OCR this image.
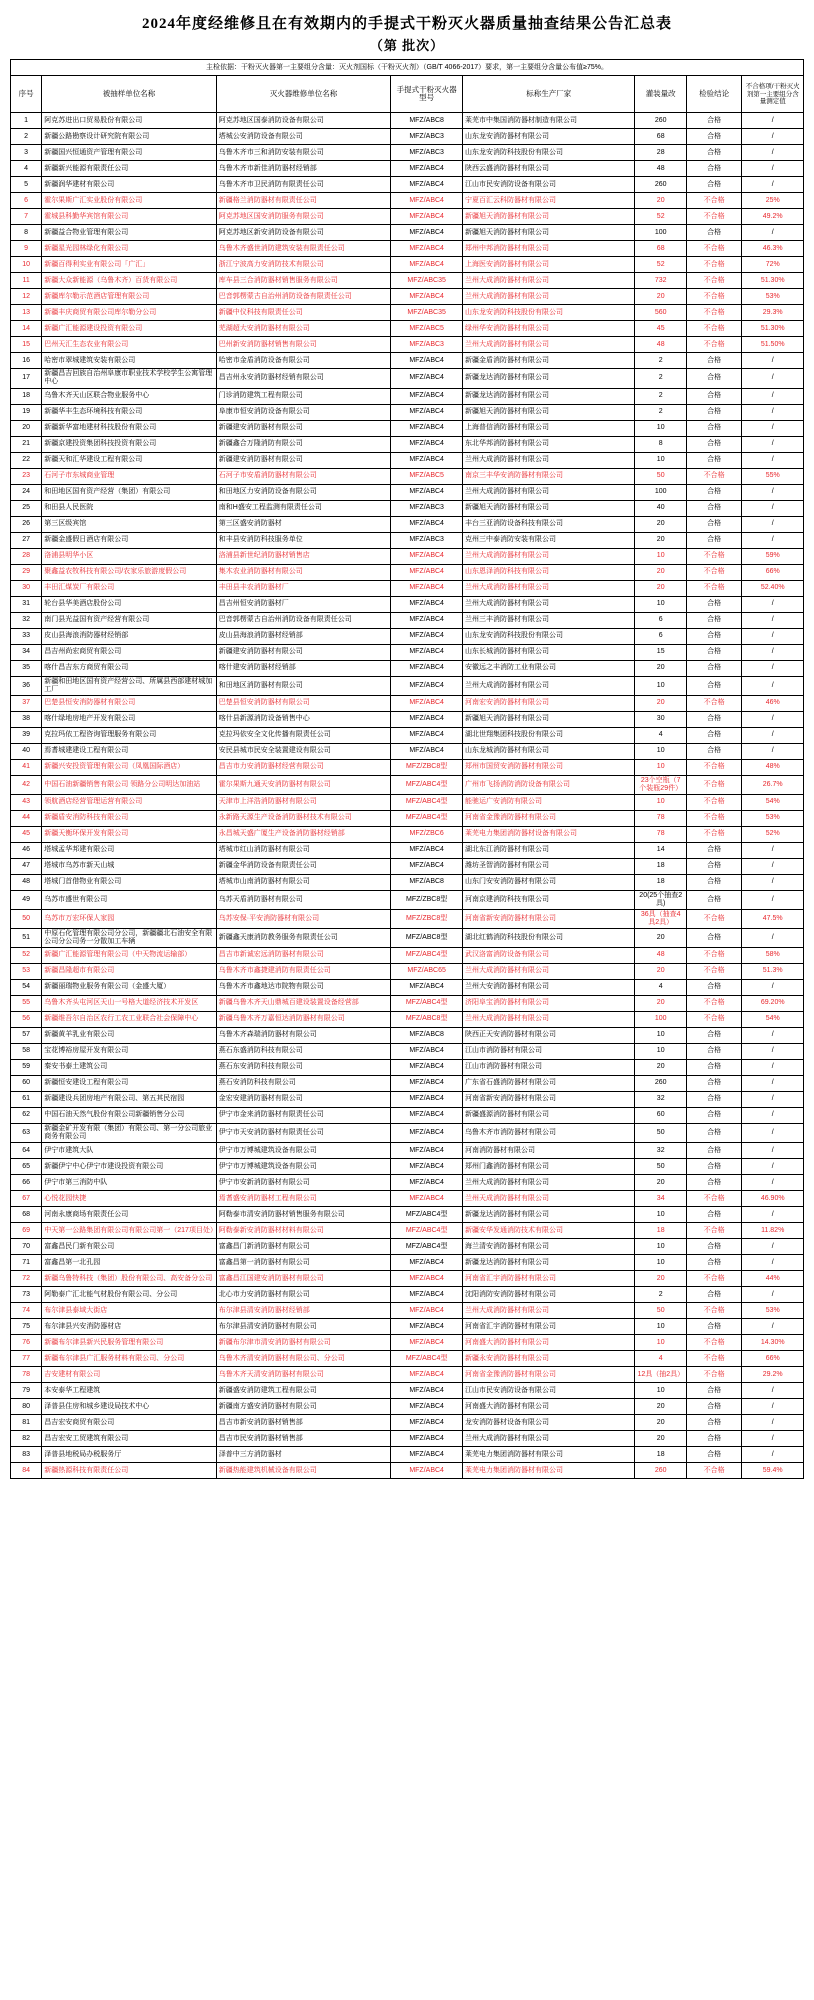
2024年度经维修且在有效期内的手提式干粉灭火器质量抽查结果公告汇总表
（第 批次）
主检依据：干粉灭火器第一主要组分含量：灭火剂国标（干粉灭火剂）（GB/T 4066-2017）要求，第一主要组分含量公布值≥75%。
序号	被抽样单位名称	灭火器维修单位名称	手提式干粉灭火器型号	标称生产厂家	灌装量改	检验结论	不合格项/干粉灭火剂第一主要组分含量测定值
1	阿克苏进出口贸易股份有限公司	阿克苏地区国泰消防设备有限公司	MFZ/ABC8	莱芜市中集国消防器材制造有限公司	260	合格	/
2	新疆公路勘察设计研究院有限公司	塔城公安消防设备有限公司	MFZ/ABC3	山东龙安消防器材有限公司	68	合格	/
3	新疆国兴恒通资产管理有限公司	乌鲁木齐市三和消防安装有限公司	MFZ/ABC3	山东龙安消防科技股份有限公司	28	合格	/
4	新疆新兴能源有限责任公司	乌鲁木齐市新佳消防器材经销部	MFZ/ABC4	陕西云盛消防器材有限公司	48	合格	/
5	新疆润华建材有限公司	乌鲁木齐市卫民消防有限责任公司	MFZ/ABC4	江山市民安消防设备有限公司	260	合格	/
6	霍尔果斯广汇实业股份有限公司	新疆格兰消防器材有限责任公司	MFZ/ABC4	宁夏百汇云科防器材有限公司	20	不合格	25%
7	霍城县科勤华宾馆有限公司	阿克苏地区国安消防服务有限公司	MFZ/ABC4	新疆旭天消防器材有限公司	52	不合格	49.2%
8	新疆益合物业管理有限公司	阿克苏地区新安消防设备有限公司	MFZ/ABC4	新疆旭天消防器材有限公司	100	合格	/
9	新疆星光园林绿化有限公司	乌鲁木齐盛世消防建筑安装有限责任公司	MFZ/ABC4	郑州中邦消防器材有限公司	68	不合格	46.3%
10	新疆百得利实业有限公司「广汇」	浙江宁波高力安消防技术有限公司	MFZ/ABC4	上海医安消防器材有限公司	52	不合格	72%
11	新疆大众新能源（乌鲁木齐）百货有限公司	库车县三合消防器材销售服务有限公司	MFZ/ABC35	兰州大成消防器材有限公司	732	不合格	51.30%
12	新疆库尔勒示范酒店管理有限公司	巴音郭楞蒙古自治州消防设备有限责任公司	MFZ/ABC4	兰州大成消防器材有限公司	20	不合格	53%
13	新疆丰庆商贸有限公司库尔勒分公司	新疆中仪科技有限责任公司	MFZ/ABC35	山东龙安消防科技股份有限公司	560	不合格	29.3%
14	新疆广汇能源建设投资有限公司	芜湖超大安消防器材有限公司	MFZ/ABC5	绿州华安消防器材有限公司	45	不合格	51.30%
15	巴州天汇生态农业有限公司	巴州新安消防器材销售有限公司	MFZ/ABC3	兰州大成消防器材有限公司	48	不合格	51.50%
16	哈密市翠城建筑安装有限公司	哈密市金盾消防设备有限公司	MFZ/ABC4	新疆金盾消防器材有限公司	2	合格	/
17	新疆昌吉回族自治州阜康市职业技术学校学生公寓管理中心	昌吉州永安消防器材经销有限公司	MFZ/ABC4	新疆龙达消防器材有限公司	2	合格	/
18	乌鲁木齐天山区联合物业服务中心	门诊消防建筑工程有限公司	MFZ/ABC4	新疆龙达消防器材有限公司	2	合格	/
19	新疆华丰生态环境科技有限公司	阜康市恒安消防设备有限公司	MFZ/ABC4	新疆旭天消防器材有限公司	2	合格	/
20	新疆新华富地建材科技股份有限公司	新疆建安消防器材有限公司	MFZ/ABC4	上海普信消防器材有限公司	10	合格	/
21	新疆京建投资集团科技投资有限公司	新疆鑫合万隆消防有限公司	MFZ/ABC4	东北华邦消防器材有限公司	8	合格	/
22	新疆天和汇华建设工程有限公司	新疆建安消防器材有限公司	MFZ/ABC4	兰州大成消防器材有限公司	10	合格	/
23	石河子市东城商业管理	石河子市安盾消防器材有限公司	MFZ/ABC5	南京三丰华安消防器材有限公司	50	不合格	55%
24	和田地区国有资产经营（集团）有限公司	和田地区力安消防设备有限公司	MFZ/ABC4	兰州大成消防器材有限公司	100	合格	/
25	和田县人民医院	南和H盛安工程监测有限责任公司	MFZ/ABC3	新疆旭天消防器材有限公司	40	合格	/
26	第三区级宾馆	第三区盛安消防器材	MFZ/ABC4	丰台三亚消防设备科技有限公司	20	合格	/
27	新疆金盛假日酒店有限公司	和丰县安消防科技服务单位	MFZ/ABC3	克州三中泰消防安装有限公司	20	合格	/
28	洛浦县明华小区	洛浦县新世纪消防器材销售店	MFZ/ABC4	兰州大成消防器材有限公司	10	不合格	59%
29	聚鑫益农牧科技有限公司/农家乐旅游度假公司	集木农业消防器材有限公司	MFZ/ABC4	山东恩泽消防科技有限公司	20	不合格	66%
30	丰田汇煤炭厂有限公司	丰田县丰农消防器材厂	MFZ/ABC4	兰州大成消防器材有限公司	20	不合格	52.40%
31	轮台县华美酒店股份公司	昌吉州恒安消防器材厂	MFZ/ABC4	兰州大成消防器材有限公司	10	合格	/
32	南门县光益国有资产经营有限公司	巴音郭楞蒙古自治州消防设备有限责任公司	MFZ/ABC4	兰州三丰消防器材有限公司	6	合格	/
33	皮山县海浪消防器材经销部	皮山县海浪消防器材经销部	MFZ/ABC4	山东龙安消防科技股份有限公司	6	合格	/
34	昌吉州尚宏商贸有限公司	新疆建安消防器材有限公司	MFZ/ABC4	山东长城消防器材有限公司	15	合格	/
35	喀什昌吉东方商贸有限公司	喀什建安消防器材经销部	MFZ/ABC4	安徽远之丰消防工业有限公司	20	合格	/
36	新疆和田地区国有资产经营公司、所属县西部建材城加工厂	和田地区消防器材有限公司	MFZ/ABC4	兰州大成消防器材有限公司	10	合格	/
37	巴楚县恒安消防器材有限公司	巴楚县恒安消防器材有限公司	MFZ/ABC4	河南宏安消防器材有限公司	20	不合格	46%
38	喀什绿地房地产开发有限公司	喀什县新源消防设备销售中心	MFZ/ABC4	新疆旭天消防器材有限公司	30	合格	/
39	克拉玛依工程咨询管理服务有限公司	克拉玛依安全文化传播有限责任公司	MFZ/ABC4	湖北世翔集团科技股份有限公司	4	合格	/
40	焉耆城建建设工程有限公司	安民县城市民安全装置建设有限公司	MFZ/ABC4	山东龙城消防器材有限公司	10	合格	/
41	新疆兴安投资管理有限公司（凤凰国际酒店）	昌吉市力安消防器材经营有限公司	MFZ/ZBC8型	郑州市国贸安消防器材有限公司	10	不合格	48%
42	中国石油新疆销售有限公司 领路分公司明达加油站	霍尔果斯九通天安消防器材有限公司	MFZ/ABC4型	广州市飞扬消防消防设备有限公司	23个空瓶（7个装瓶29件）	不合格	26.7%
43	领航酒店经营管理运营有限公司	天津市上洋浩消防器材有限公司	MFZ/ABC4型	能驰运广安消防有限公司	10	不合格	54%
44	新疆盾安消防科技有限公司	永新路天源生产设备消防器材技术有限公司	MFZ/ABC4型	河南省金豫消防器材有限公司	78	不合格	53%
45	新疆天衡环保开发有限公司	永昌城天盛广厦生产设备消防器材经销部	MFZ/ZBC6	莱芜电力集团消防器材设备有限公司	78	不合格	52%
46	塔城孟华邦建有限公司	塔城市红山消防器材有限公司	MFZ/ABC4	湖北东江消防器材有限公司	14	合格	/
47	塔城市乌苏市新天山城	新疆金华消防设备有限责任公司	MFZ/ABC4	潍坊圣智消防器材有限公司	18	合格	/
48	塔城门首借物业有限公司	塔城市山南消防器材有限公司	MFZ/ABC8	山东门安安消防器材有限公司	18	合格	/
49	乌苏市盛世有限公司	乌苏天盾消防器材有限公司	MFZ/ZBC8型	河南京建消防科技有限公司	20(25个抽查2具)	合格	/
50	乌苏市万宏环保人家园	乌苏安保·平安消防器材有限公司	MFZ/ZBC8型	河南省新安消防器材有限公司	36具（抽查4具2具）	不合格	47.5%
51	中原石化管理有限公司分公司，新疆疆北石油安全有限公司分公司务一分散加工车辆	新疆鑫天康消防教务服务有限责任公司	MFZ/ABC8型	湖北红鹤消防科技股份有限公司	20	合格	/
52	新疆广汇能源管理有限公司（中天物流运输部）	昌吉市新诚宏远消防器材有限公司	MFZ/ABC4型	武汉洛富消防设备有限公司	48	不合格	58%
53	新疆昌隆超市有限公司	乌鲁木齐市鑫捷建消防有限责任公司	MFZ/ABC65	兰州大成消防器材有限公司	20	不合格	51.3%
54	新疆丽瑞物业服务有限公司（金盛大厦）	乌鲁木齐市鑫地达市院物有限公司	MFZ/ABC4	兰州大安消防器材有限公司	4	合格	/
55	乌鲁木齐头屯河区天山一号格大道经济技术开发区	新疆乌鲁木齐天山鼎城百建设装置设备经营部	MFZ/ABC4型	济阳阜宝消防器材有限公司	20	不合格	69.20%
56	新疆维吾尔自治区农行工农工业联合社会保障中心	新疆乌鲁木齐万嘉恒达消防器材有限公司	MFZ/ABC8型	兰州大成消防器材有限公司	100	不合格	54%
57	新疆黄羊乳业有限公司	乌鲁木齐森瑞消防器材有限公司	MFZ/ABC8	陕西正天安消防器材有限公司	10	合格	/
58	宝花博裕房屋开发有限公司	燕石东盛消防科技有限公司	MFZ/ABC4	江山市消防器材有限公司	10	合格	/
59	秦安书泰土建筑公司	燕石东安消防科技有限公司	MFZ/ABC4	江山市消防器材有限公司	20	合格	/
60	新疆恒安建设工程有限公司	燕石安消防科技有限公司	MFZ/ABC4	广东省石盛消防器材有限公司	260	合格	/
61	新疆建设兵团房地产有限公司、第五其民宿园	金宏安建消防器材有限公司	MFZ/ABC4	河南省新安消防器材有限公司	32	合格	/
62	中国石油天然气股份有限公司新疆销售分公司	伊宁市金来消防器材有限责任公司	MFZ/ABC4	新疆盛源消防器材有限公司	60	合格	/
63	新疆金矿开发有限（集团）有限公司、第一分公司旅业商务有限公司	伊宁市天安消防器材有限责任公司	MFZ/ABC4	乌鲁木齐市消防器材有限公司	50	合格	/
64	伊宁市建筑大队	伊宁市万博城建筑设备有限公司	MFZ/ABC4	河南消防器材有限公司	32	合格	/
65	新疆伊宁中心伊宁市建设投资有限公司	伊宁市万博城建筑设备有限公司	MFZ/ABC4	郑州门鑫消防器材有限公司	50	合格	/
66	伊宁市第三消防中队	伊宁市安新消防器材有限公司	MFZ/ABC4	兰州大成消防器材有限公司	20	合格	/
67	心悦花园快捷	焉耆盛安消防器材工程有限公司	MFZ/ABC4	兰州天成消防器材有限公司	34	不合格	46.90%
68	河南永康商场有限责任公司	阿勒泰市清安消防器材销售服务有限公司	MFZ/ABC4型	新疆龙达消防器材有限公司	10	合格	/
69	中天第一公路集团有限公司有限公司第一（217项目处）	阿勒泰新安消防器材材料有限公司	MFZ/ABC4型	新疆安华发通消防技术有限公司	18	不合格	11.82%
70	富鑫昌民门新有限公司	富鑫昌门新消防器材有限公司	MFZ/ABC4型	海兰清安消防器材有限公司	10	合格	/
71	富鑫昌第一北孔园	富鑫昌第一消防器材有限公司	MFZ/ABC4	新疆龙达消防器材有限公司	10	合格	/
72	新疆乌鲁特科技（集团）股份有限公司、高安备分公司	富鑫昌江国建安消防器材有限公司	MFZ/ABC4	河南省汇宇消防器材有限公司	20	不合格	44%
73	阿勒泰广汇北能气材股份有限公司、分公司	北心市力安消防器材有限公司	MFZ/ABC4	沈阳消防安消防器材有限公司	2	合格	/
74	布尔津县泰域大街店	布尔津县清安消防器材经销部	MFZ/ABC4	兰州大成消防器材有限公司	50	不合格	53%
75	布尔津县兴安消防器材店	布尔津县清安消防器材有限公司	MFZ/ABC4	河南省汇宇消防器材有限公司	10	合格	/
76	新疆布尔津县新兴民服务管理有限公司	新疆布尔津市清安消防器材有限公司	MFZ/ABC4	河南盛大消防器材有限公司	10	不合格	14.30%
77	新疆布尔津县广汇服务材料有限公司、分公司	乌鲁木齐清安消防器材有限公司、分公司	MFZ/ABC4型	新疆永安消防器材有限公司	4	不合格	66%
78	吉安建材有限公司	乌鲁木齐天清安消防器材有限公司	MFZ/ABC4	河南省金豫消防器材有限公司	12具（抽2具）	不合格	29.2%
79	本安泰华工程建筑	新疆盛安消防建筑工程有限公司	MFZ/ABC4	江山市民安消防设备有限公司	10	合格	/
80	泽普县住房和城乡建设局技术中心	新疆南方盛安消防器材有限公司	MFZ/ABC4	河南盛大消防器材有限公司	20	合格	/
81	昌吉宏安商贸有限公司	昌吉市新安消防器材销售部	MFZ/ABC4	龙安消防器材设备有限公司	20	合格	/
82	昌吉宏安工贸建筑有限公司	昌吉市民安消防器材销售部	MFZ/ABC4	兰州大成消防器材有限公司	20	合格	/
83	泽普县地税局办税服务厅	泽普中三方消防器材	MFZ/ABC4	莱芜电力集团消防器材有限公司	18	合格	/
84	新疆热源科技有限责任公司	新疆热能建筑机械设备有限公司	MFZ/ABC4	莱芜电力集团消防器材有限公司	260	不合格	59.4%
